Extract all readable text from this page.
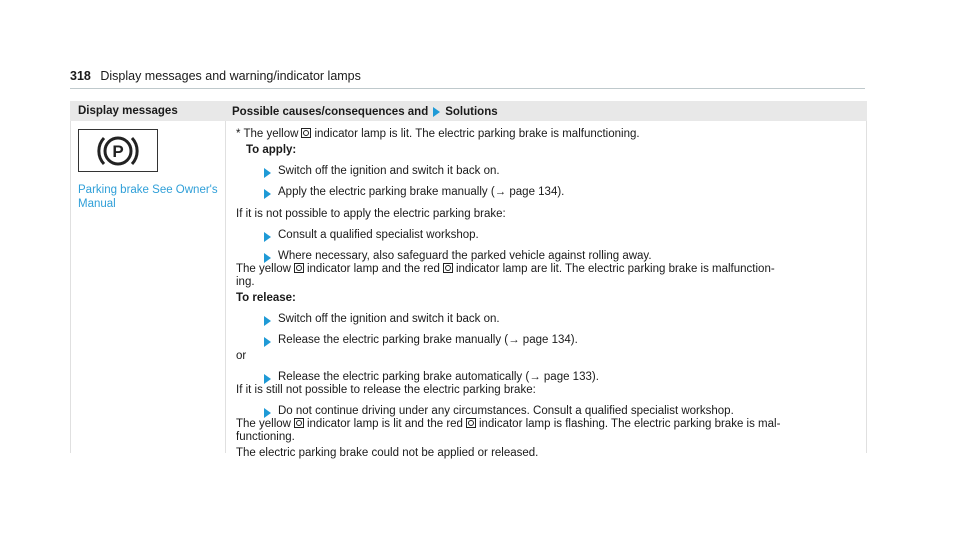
318 Display messages and warning/indicator lamps
Display messages	Possible causes/consequences and Solutions
P
Parking brake See Owner's Manual
* The yellow indicator lamp is lit. The electric parking brake is malfunctioning.
To apply:
Switch off the ignition and switch it back on.
Apply the electric parking brake manually (→ page 134).
If it is not possible to apply the electric parking brake:
Consult a qualified specialist workshop.
Where necessary, also safeguard the parked vehicle against rolling away.
The yellow indicator lamp and the red indicator lamp are lit. The electric parking brake is malfunction-
ing.
To release:
Switch off the ignition and switch it back on.
Release the electric parking brake manually (→ page 134).
or
Release the electric parking brake automatically (→ page 133).
If it is still not possible to release the electric parking brake:
Do not continue driving under any circumstances. Consult a qualified specialist workshop.
The yellow indicator lamp is lit and the red indicator lamp is flashing. The electric parking brake is mal-
functioning.
The electric parking brake could not be applied or released.
